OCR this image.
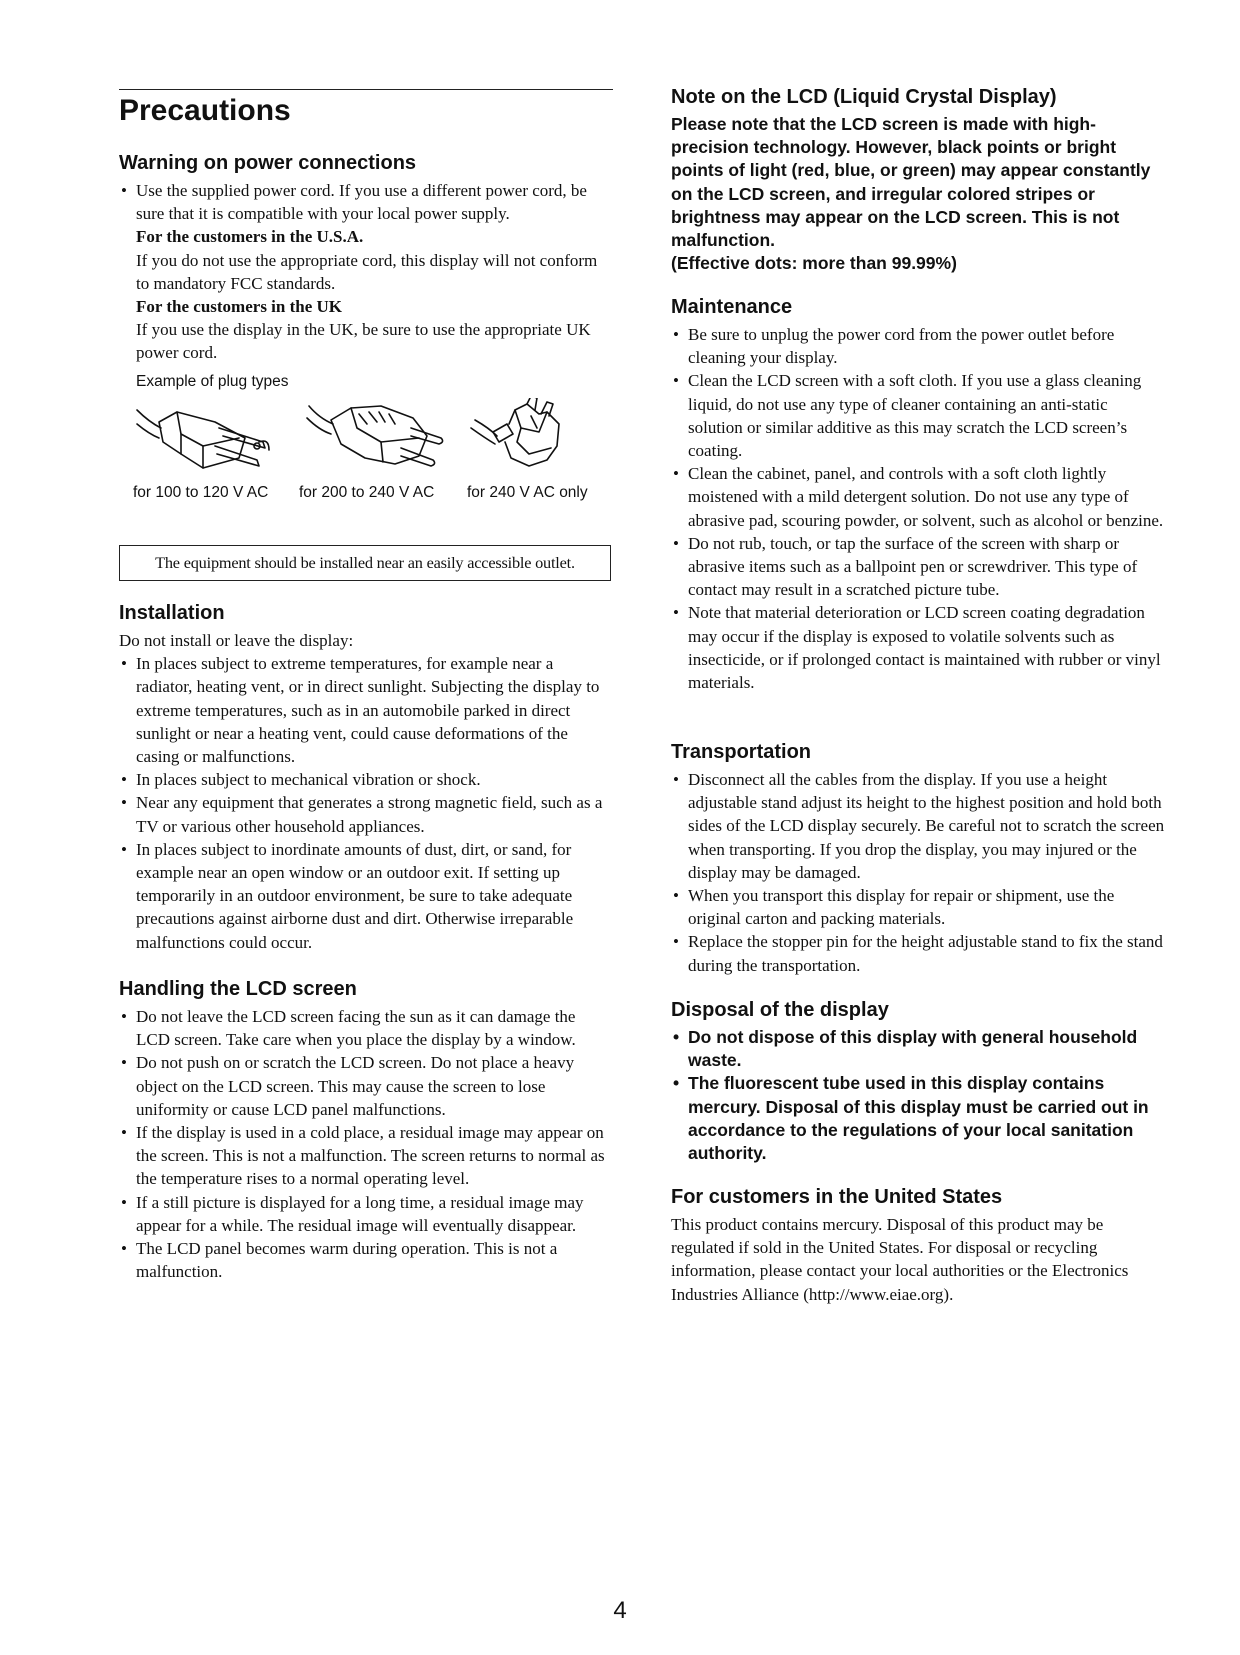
Precautions
Warning on power connections
• Use the supplied power cord. If you use a different power cord, be sure that it is compatible with your local power supply.
For the customers in the U.S.A.
If you do not use the appropriate cord, this display will not conform to mandatory FCC standards.
For the customers in the UK
If you use the display in the UK, be sure to use the appropriate UK power cord.
Example of plug types
for 100 to 120 V AC for 200 to 240 V AC for 240 V AC only
The equipment should be installed near an easily accessible outlet.
Installation

Do not install or leave the display:

• In places subject to extreme temperatures, for example near a radiator, heating vent, or in direct sunlight. Subjecting the display to extreme temperatures, such as in an automobile parked in direct sunlight or near a heating vent, could cause deformations of the casing or malfunctions.
• In places subject to mechanical vibration or shock.
• Near any equipment that generates a strong magnetic field, such as a TV or various other household appliances.
• In places subject to inordinate amounts of dust, dirt, or sand, for example near an open window or an outdoor exit. If setting up temporarily in an outdoor environment, be sure to take adequate precautions against airborne dust and dirt. Otherwise irreparable malfunctions could occur.
Handling the LCD screen
• Do not leave the LCD screen facing the sun as it can damage the LCD screen. Take care when you place the display by a window.
• Do not push on or scratch the LCD screen. Do not place a heavy object on the LCD screen. This may cause the screen to lose uniformity or cause LCD panel malfunctions.
• If the display is used in a cold place, a residual image may appear on the screen. This is not a malfunction. The screen returns to normal as the temperature rises to a normal operating level.
• If a still picture is displayed for a long time, a residual image may appear for a while. The residual image will eventually disappear.
• The LCD panel becomes warm during operation. This is not a malfunction.
Note on the LCD (Liquid Crystal Display)
Please note that the LCD screen is made with high-precision technology. However, black points or bright points of light (red, blue, or green) may appear constantly on the LCD screen, and irregular colored stripes or brightness may appear on the LCD screen. This is not malfunction.
(Effective dots: more than 99.99%)
Maintenance
• Be sure to unplug the power cord from the power outlet before cleaning your display.
• Clean the LCD screen with a soft cloth. If you use a glass cleaning liquid, do not use any type of cleaner containing an anti-static solution or similar additive as this may scratch the LCD screen’s coating.
• Clean the cabinet, panel, and controls with a soft cloth lightly moistened with a mild detergent solution. Do not use any type of abrasive pad, scouring powder, or solvent, such as alcohol or benzine.
• Do not rub, touch, or tap the surface of the screen with sharp or abrasive items such as a ballpoint pen or screwdriver. This type of contact may result in a scratched picture tube.
• Note that material deterioration or LCD screen coating degradation may occur if the display is exposed to volatile solvents such as insecticide, or if prolonged contact is maintained with rubber or vinyl materials.
Transportation
• Disconnect all the cables from the display. If you use a height adjustable stand adjust its height to the highest position and hold both sides of the LCD display securely. Be careful not to scratch the screen when transporting. If you drop the display, you may injured or the display may be damaged.
• When you transport this display for repair or shipment, use the original carton and packing materials.
• Replace the stopper pin for the height adjustable stand to fix the stand during the transportation.
Disposal of the display
• Do not dispose of this display with general household waste.
• The fluorescent tube used in this display contains mercury. Disposal of this display must be carried out in accordance to the regulations of your local sanitation authority.
For customers in the United States

This product contains mercury. Disposal of this product may be regulated if sold in the United States. For disposal or recycling information, please contact your local authorities or the Electronics Industries Alliance (http://www.eiae.org).

4
